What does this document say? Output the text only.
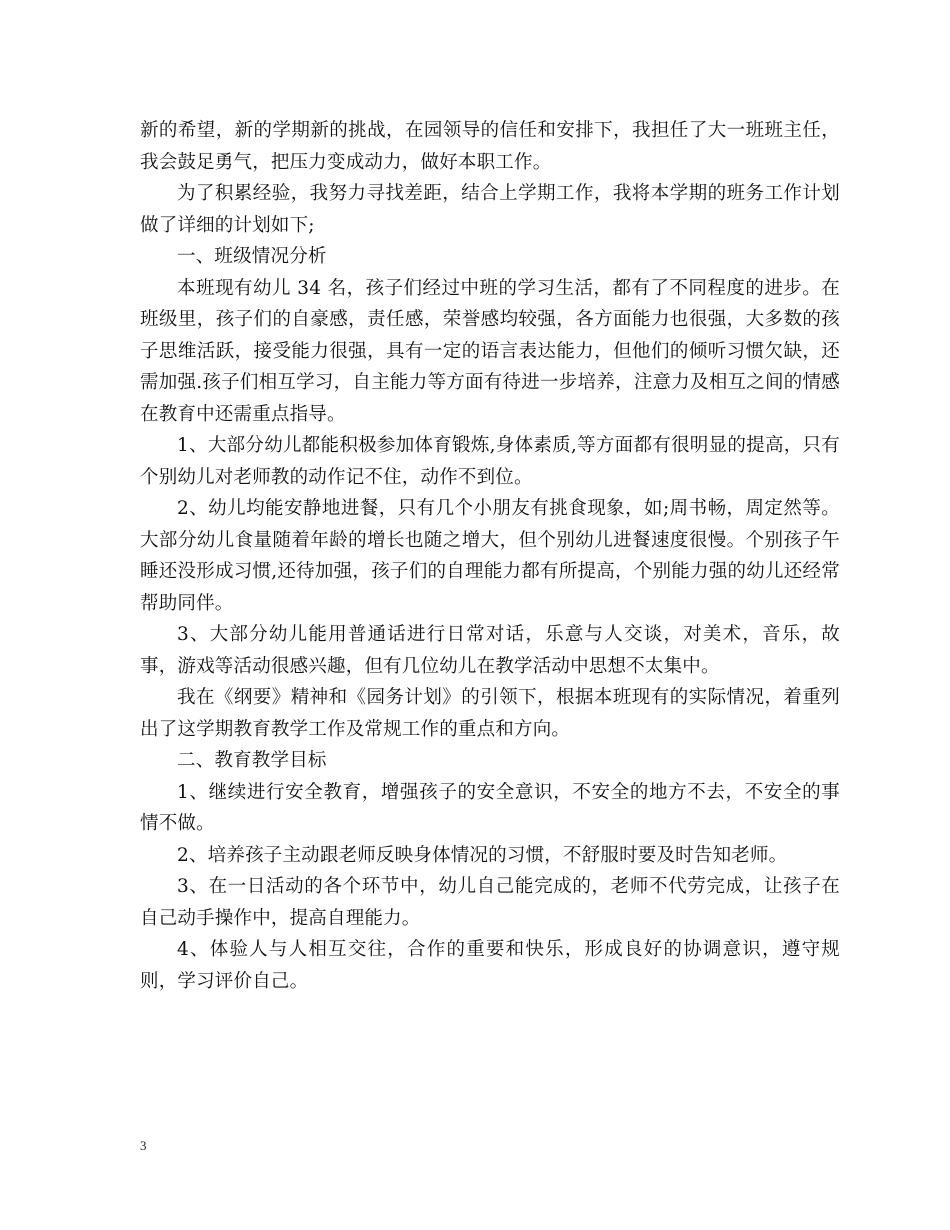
新的希望，新的学期新的挑战，在园领导的信任和安排下，我担任了大一班班主任，我会鼓足勇气，把压力变成动力，做好本职工作。

为了积累经验，我努力寻找差距，结合上学期工作，我将本学期的班务工作计划做了详细的计划如下;

一、班级情况分析

本班现有幼儿 34 名，孩子们经过中班的学习生活，都有了不同程度的进步。在班级里，孩子们的自豪感，责任感，荣誉感均较强，各方面能力也很强，大多数的孩子思维活跃，接受能力很强，具有一定的语言表达能力，但他们的倾听习惯欠缺，还需加强.孩子们相互学习，自主能力等方面有待进一步培养，注意力及相互之间的情感在教育中还需重点指导。

1、大部分幼儿都能积极参加体育锻炼,身体素质,等方面都有很明显的提高，只有个别幼儿对老师教的动作记不住，动作不到位。

2、幼儿均能安静地进餐，只有几个小朋友有挑食现象，如;周书畅，周定然等。大部分幼儿食量随着年龄的增长也随之增大，但个别幼儿进餐速度很慢。个别孩子午睡还没形成习惯,还待加强，孩子们的自理能力都有所提高，个别能力强的幼儿还经常帮助同伴。

3、大部分幼儿能用普通话进行日常对话，乐意与人交谈，对美术，音乐，故事，游戏等活动很感兴趣，但有几位幼儿在教学活动中思想不太集中。

我在《纲要》精神和《园务计划》的引领下，根据本班现有的实际情况，着重列出了这学期教育教学工作及常规工作的重点和方向。

二、教育教学目标

1、继续进行安全教育，增强孩子的安全意识，不安全的地方不去，不安全的事情不做。

2、培养孩子主动跟老师反映身体情况的习惯，不舒服时要及时告知老师。

3、在一日活动的各个环节中，幼儿自己能完成的，老师不代劳完成，让孩子在自己动手操作中，提高自理能力。

4、体验人与人相互交往，合作的重要和快乐，形成良好的协调意识，遵守规则，学习评价自己。

3
